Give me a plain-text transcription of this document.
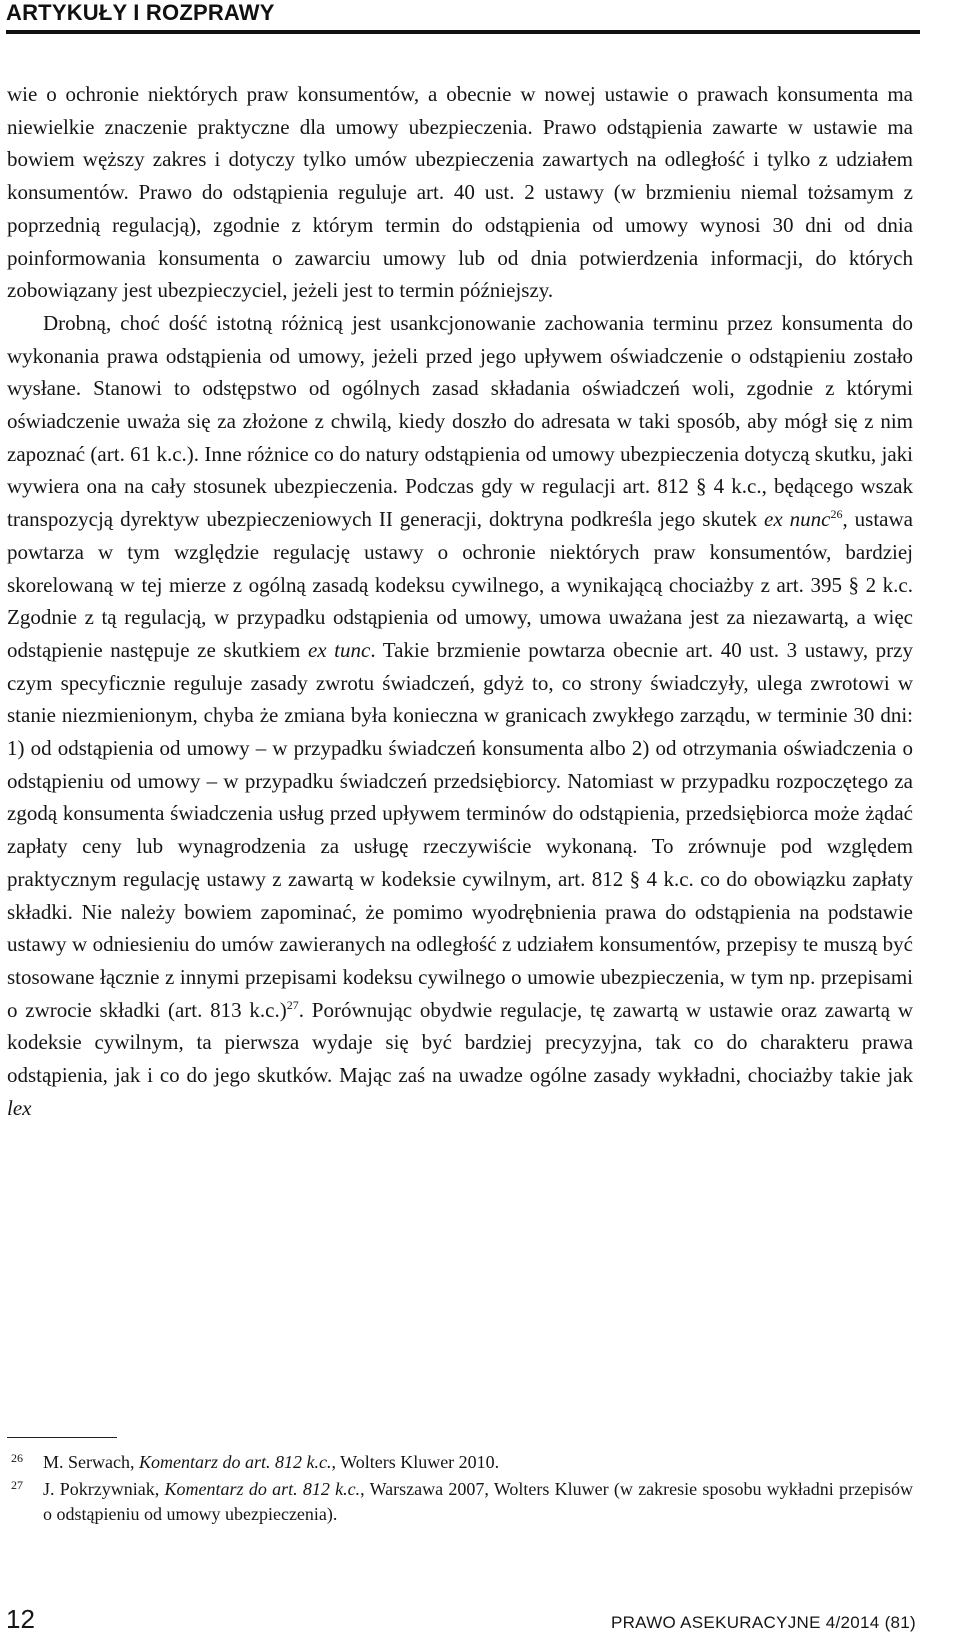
ARTYKUŁY I ROZPRAWY

wie o ochronie niektórych praw konsumentów, a obecnie w nowej ustawie o prawach konsumenta ma niewielkie znaczenie praktyczne dla umowy ubezpieczenia. Prawo odstąpienia zawarte w ustawie ma bowiem węższy zakres i dotyczy tylko umów ubezpieczenia zawartych na odległość i tylko z udziałem konsumentów. Prawo do odstąpienia reguluje art. 40 ust. 2 ustawy (w brzmieniu niemal tożsamym z poprzednią regulacją), zgodnie z którym termin do odstąpienia od umowy wynosi 30 dni od dnia poinformowania konsumenta o zawarciu umowy lub od dnia potwierdzenia informacji, do których zobowiązany jest ubezpieczyciel, jeżeli jest to termin późniejszy.

Drobną, choć dość istotną różnicą jest usankcjonowanie zachowania terminu przez konsumenta do wykonania prawa odstąpienia od umowy, jeżeli przed jego upływem oświadczenie o odstąpieniu zostało wysłane. Stanowi to odstępstwo od ogólnych zasad składania oświadczeń woli, zgodnie z którymi oświadczenie uważa się za złożone z chwilą, kiedy doszło do adresata w taki sposób, aby mógł się z nim zapoznać (art. 61 k.c.). Inne różnice co do natury odstąpienia od umowy ubezpieczenia dotyczą skutku, jaki wywiera ona na cały stosunek ubezpieczenia. Podczas gdy w regulacji art. 812 § 4 k.c., będącego wszak transpozycją dyrektyw ubezpieczeniowych II generacji, doktryna podkreśla jego skutek ex nunc$^{26}$, ustawa powtarza w tym względzie regulację ustawy o ochronie niektórych praw konsumentów, bardziej skorelowaną w tej mierze z ogólną zasadą kodeksu cywilnego, a wynikającą chociażby z art. 395 § 2 k.c. Zgodnie z tą regulacją, w przypadku odstąpienia od umowy, umowa uważana jest za niezawartą, a więc odstąpienie następuje ze skutkiem ex tunc. Takie brzmienie powtarza obecnie art. 40 ust. 3 ustawy, przy czym specyficznie reguluje zasady zwrotu świadczeń, gdyż to, co strony świadczyły, ulega zwrotowi w stanie niezmienionym, chyba że zmiana była konieczna w granicach zwykłego zarządu, w terminie 30 dni: 1) od odstąpienia od umowy – w przypadku świadczeń konsumenta albo 2) od otrzymania oświadczenia o odstąpieniu od umowy – w przypadku świadczeń przedsiębiorcy. Natomiast w przypadku rozpoczętego za zgodą konsumenta świadczenia usług przed upływem terminów do odstąpienia, przedsiębiorca może żądać zapłaty ceny lub wynagrodzenia za usługę rzeczywiście wykonaną. To zrównuje pod względem praktycznym regulację ustawy z zawartą w kodeksie cywilnym, art. 812 § 4 k.c. co do obowiązku zapłaty składki. Nie należy bowiem zapominać, że pomimo wyodrębnienia prawa do odstąpienia na podstawie ustawy w odniesieniu do umów zawieranych na odległość z udziałem konsumentów, przepisy te muszą być stosowane łącznie z innymi przepisami kodeksu cywilnego o umowie ubezpieczenia, w tym np. przepisami o zwrocie składki (art. 813 k.c.)$^{27}$. Porównując obydwie regulacje, tę zawartą w ustawie oraz zawartą w kodeksie cywilnym, ta pierwsza wydaje się być bardziej precyzyjna, tak co do charakteru prawa odstąpienia, jak i co do jego skutków. Mając zaś na uwadze ogólne zasady wykładni, chociażby takie jak lex

26 M. Serwach, Komentarz do art. 812 k.c., Wolters Kluwer 2010.
27 J. Pokrzywniak, Komentarz do art. 812 k.c., Warszawa 2007, Wolters Kluwer (w zakresie sposobu wykładni przepisów o odstąpieniu od umowy ubezpieczenia).
12	PRAWO ASEKURACYJNE 4/2014 (81)
